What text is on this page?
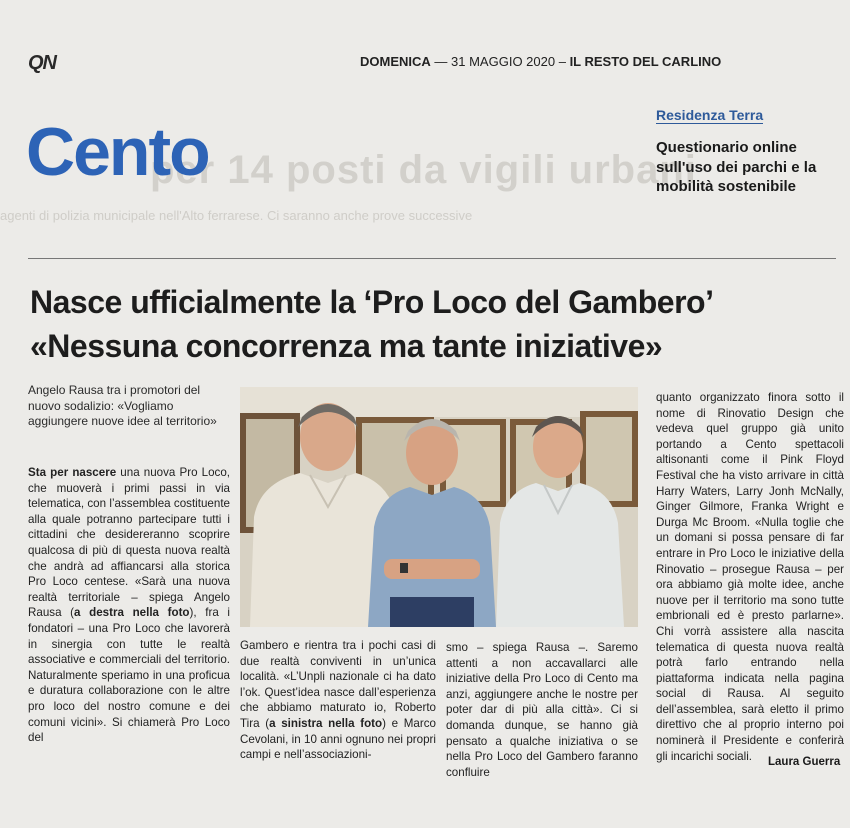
per 14 posti da vigili urbani
agenti di polizia municipale nell'Alto ferrarese. Ci saranno anche prove successive
QN	DOMENICA — 31 MAGGIO 2020 – IL RESTO DEL CARLINO
Cento	Residenza Terra
Questionario online sull'uso dei parchi e la mobilità sostenibile
Nasce ufficialmente la ‘Pro Loco del Gambero’
«Nessuna concorrenza ma tante iniziative»
Angelo Rausa tra i promotori del nuovo sodalizio: «Vogliamo aggiungere nuove idee al territorio»
Sta per nascere una nuova Pro Loco, che muoverà i primi passi in via telematica, con l’assemblea costituente alla quale potranno partecipare tutti i cittadini che desidereranno scoprire qualcosa di più di questa nuova realtà che andrà ad affiancarsi alla storica Pro Loco centese. «Sarà una nuova realtà territoriale – spiega Angelo Rausa (a destra nella foto), fra i fondatori – una Pro Loco che lavorerà in sinergia con tutte le realtà associative e commerciali del territorio. Naturalmente speriamo in una proficua e duratura collaborazione con le altre pro loco del nostro comune e dei comuni vicini». Si chiamerà Pro Loco del
Gambero e rientra tra i pochi casi di due realtà conviventi in un’unica località. «L’Unpli nazionale ci ha dato l’ok. Quest’idea nasce dall’esperienza che abbiamo maturato io, Roberto Tira (a sinistra nella foto) e Marco Cevolani, in 10 anni ognuno nei propri campi e nell’associazioni-
smo – spiega Rausa –. Saremo attenti a non accavallarci alle iniziative della Pro Loco di Cento ma anzi, aggiungere anche le nostre per poter dar di più alla città». Ci si domanda dunque, se hanno già pensato a qualche iniziativa o se nella Pro Loco del Gambero faranno confluire
quanto organizzato finora sotto il nome di Rinovatio Design che vedeva quel gruppo già unito portando a Cento spettacoli altisonanti come il Pink Floyd Festival che ha visto arrivare in città Harry Waters, Larry Jonh McNally, Ginger Gilmore, Franka Wright e Durga Mc Broom. «Nulla toglie che un domani si possa pensare di far entrare in Pro Loco le iniziative della Rinovatio – prosegue Rausa – per ora abbiamo già molte idee, anche nuove per il territorio ma sono tutte embrionali ed è presto parlarne». Chi vorrà assistere alla nascita telematica di questa nuova realtà potrà farlo entrando nella piattaforma indicata nella pagina social di Rausa. Al seguito dell’assemblea, sarà eletto il primo direttivo che al proprio interno poi nominerà il Presidente e conferirà gli incarichi sociali.	Laura Guerra
